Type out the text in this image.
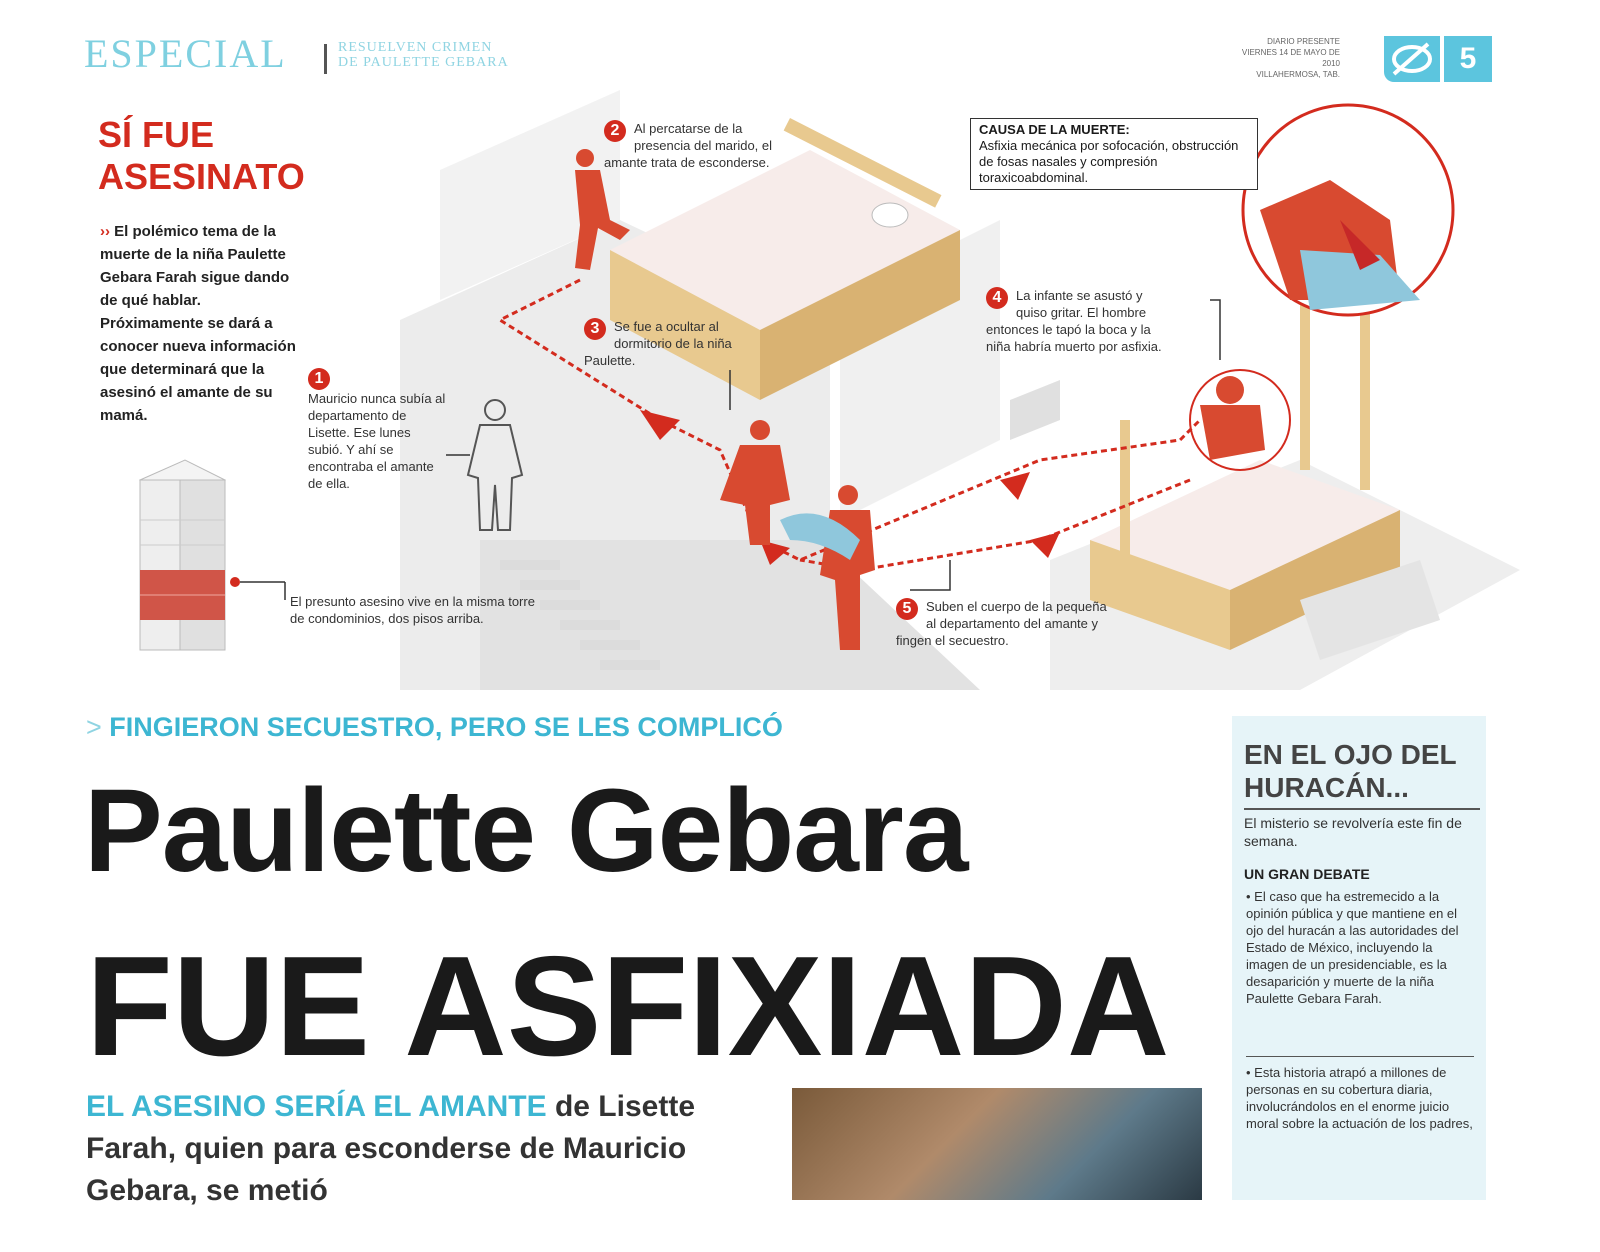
ESPECIAL	RESUELVEN CRIMEN
DE PAULETTE GEBARA
DIARIO PRESENTE
VIERNES 14 DE MAYO DE 2010
VILLAHERMOSA, TAB.	5
SÍ FUE ASESINATO
›› El polémico tema de la muerte de la niña Paulette Gebara Farah sigue dando de qué hablar. Próximamente se dará a conocer nueva información que determinará que la asesinó el amante de su mamá.
1
Mauricio nunca subía al departamento de Lisette. Ese lunes subió. Y ahí se encontraba el amante de ella.
2	Al percatarse de la presencia del marido, el amante trata de esconderse.
3	Se fue a ocultar al dormitorio de la niña Paulette.
4	La infante se asustó y quiso gritar. El hombre entonces le tapó la boca y la niña habría muerto por asfixia.
5	Suben el cuerpo de la pequeña al departamento del amante y fingen el secuestro.
CAUSA DE LA MUERTE:
Asfixia mecánica por sofocación, obstrucción de fosas nasales y compresión toraxicoabdominal.
El presunto asesino vive en la misma torre de condominios, dos pisos arriba.
> FINGIERON SECUESTRO, PERO SE LES COMPLICÓ
Paulette Gebara
FUE ASFIXIADA
EL ASESINO SERÍA EL AMANTE de Lisette Farah, quien para esconderse de Mauricio Gebara, se metió
EN EL OJO DEL HURACÁN...
El misterio se revolvería este fin de semana.
UN GRAN DEBATE
• El caso que ha estremecido a la opinión pública y que mantiene en el ojo del huracán a las autoridades del Estado de México, incluyendo la imagen de un presidenciable, es la desaparición y muerte de la niña Paulette Gebara Farah.
• Esta historia atrapó a millones de personas en su cobertura diaria, involucrándolos en el enorme juicio moral sobre la actuación de los padres,
